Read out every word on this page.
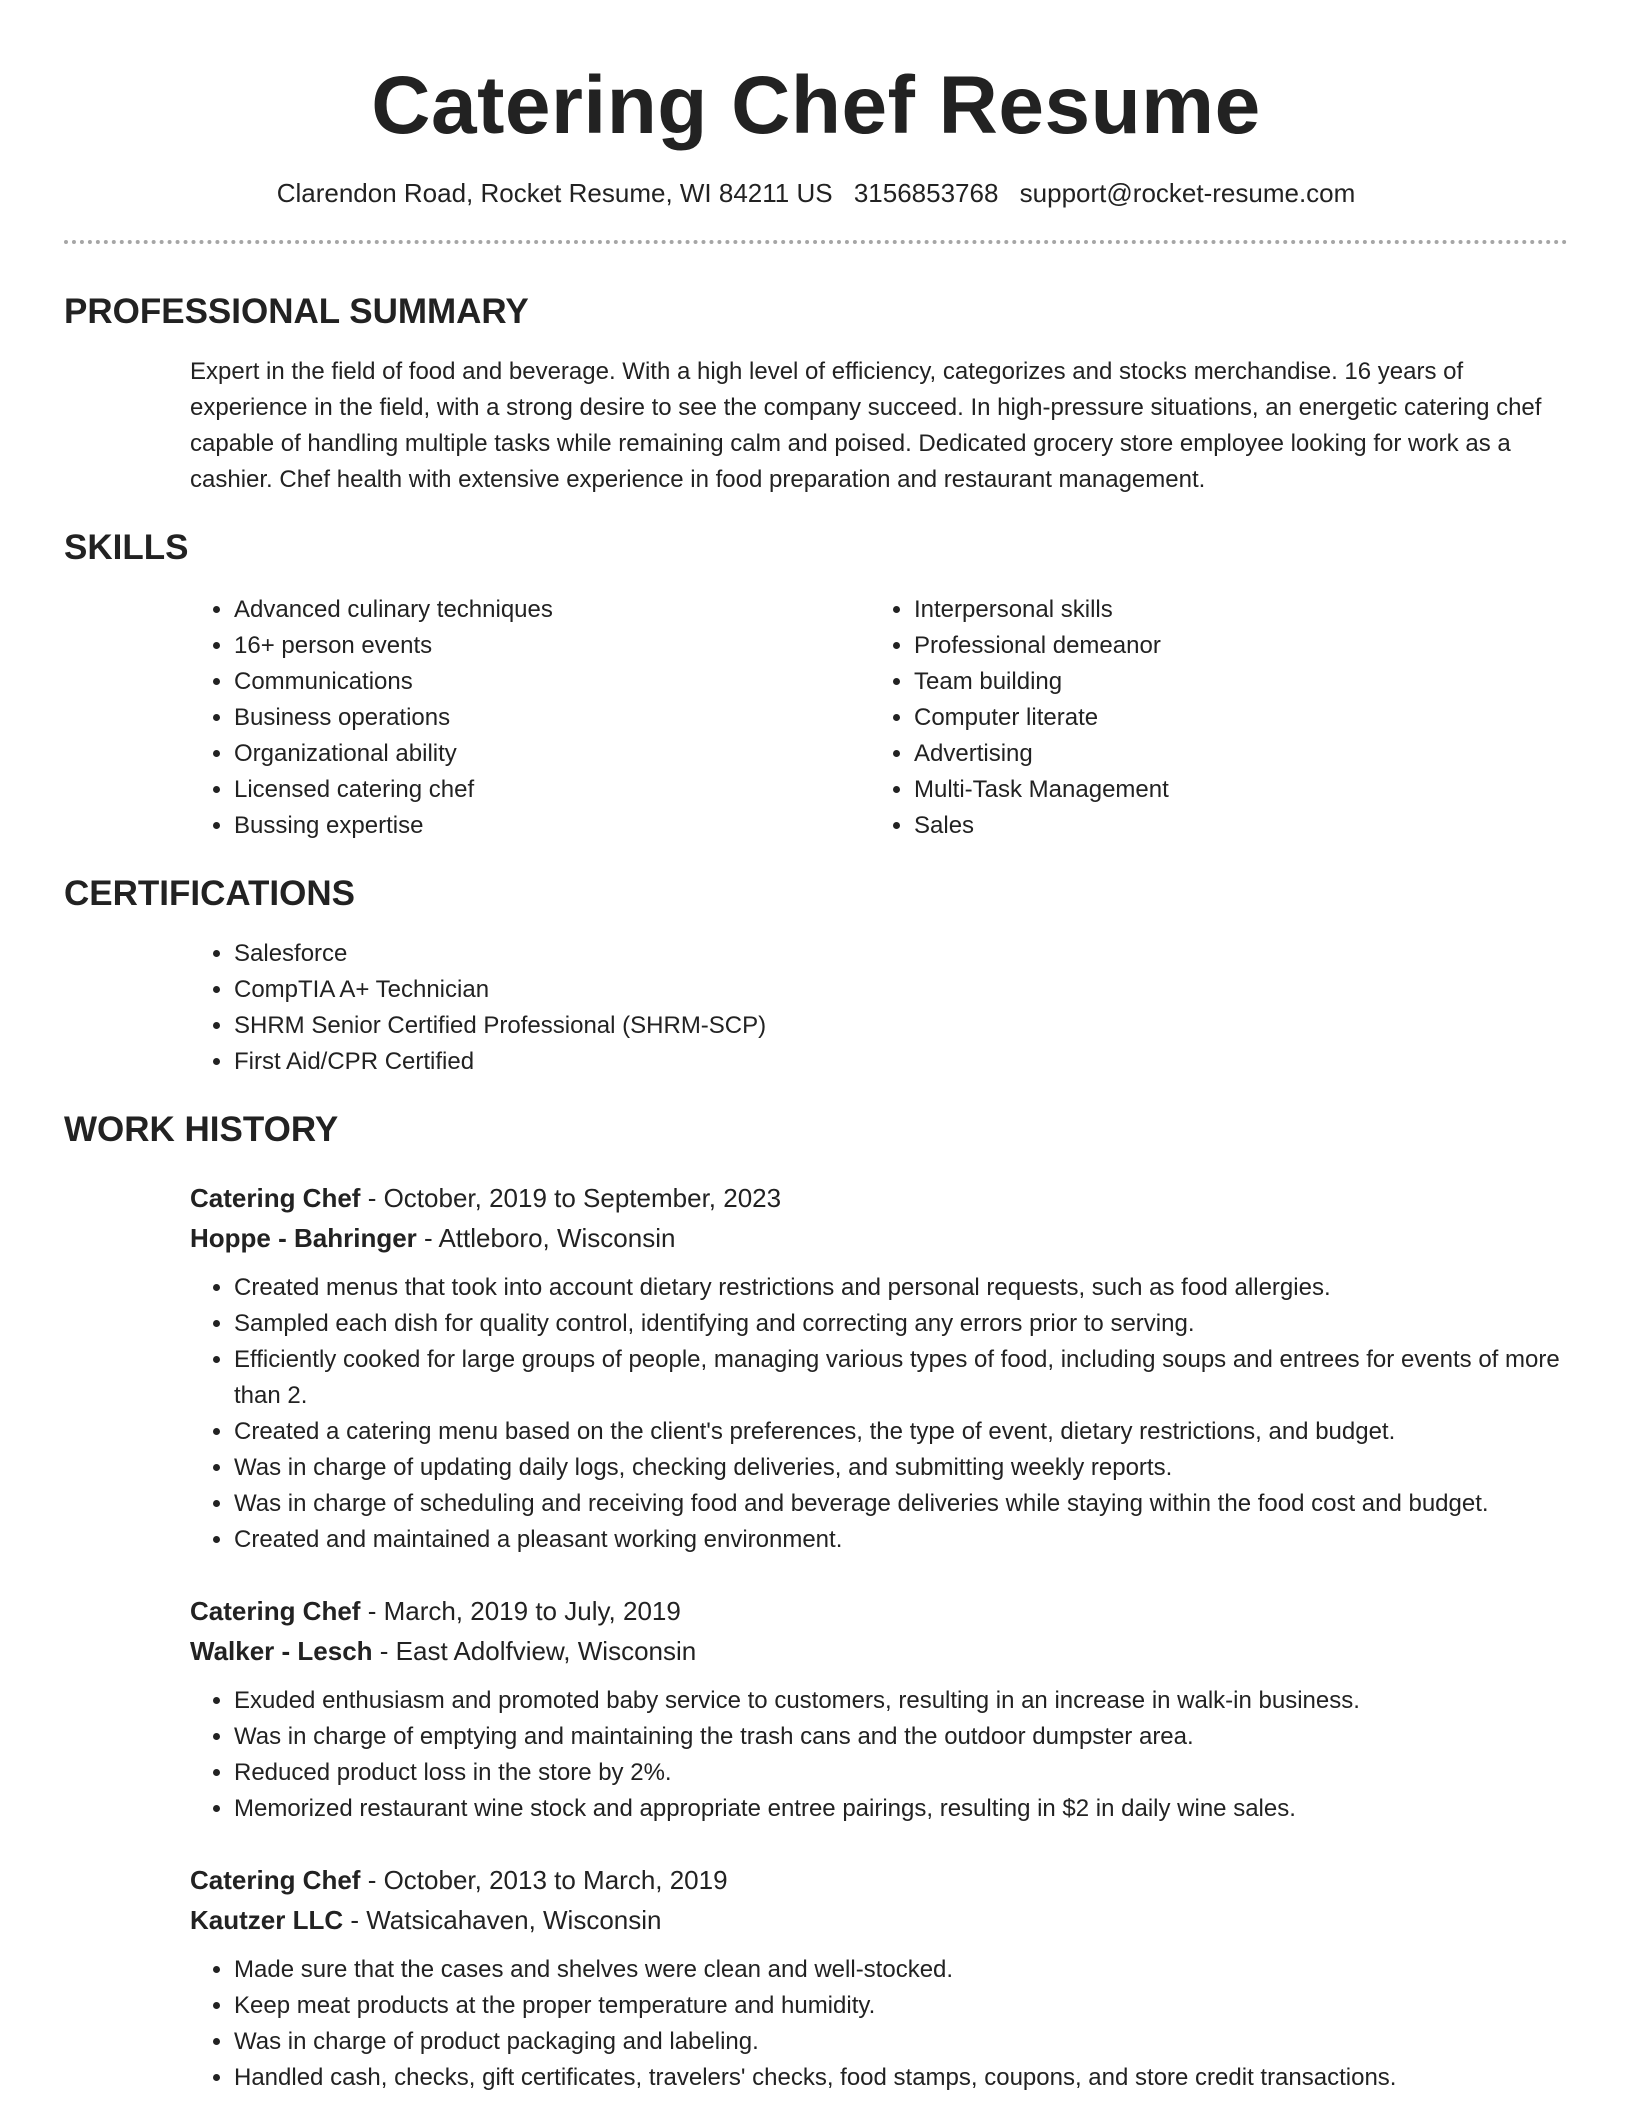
Catering Chef Resume
Clarendon Road, Rocket Resume, WI 84211 US 3156853768 support@rocket-resume.com
PROFESSIONAL SUMMARY

Expert in the field of food and beverage. With a high level of efficiency, categorizes and stocks merchandise. 16 years of experience in the field, with a strong desire to see the company succeed. In high-pressure situations, an energetic catering chef capable of handling multiple tasks while remaining calm and poised. Dedicated grocery store employee looking for work as a cashier. Chef health with extensive experience in food preparation and restaurant management.

SKILLS
• Advanced culinary techniques
• 16+ person events
• Communications
• Business operations
• Organizational ability
• Licensed catering chef
• Bussing expertise
• Interpersonal skills
• Professional demeanor
• Team building
• Computer literate
• Advertising
• Multi-Task Management
• Sales
CERTIFICATIONS
• Salesforce
• CompTIA A+ Technician
• SHRM Senior Certified Professional (SHRM-SCP)
• First Aid/CPR Certified
WORK HISTORY
Catering Chef - October, 2019 to September, 2023
Hoppe - Bahringer - Attleboro, Wisconsin
• Created menus that took into account dietary restrictions and personal requests, such as food allergies.
• Sampled each dish for quality control, identifying and correcting any errors prior to serving.
• Efficiently cooked for large groups of people, managing various types of food, including soups and entrees for events of more than 2.
• Created a catering menu based on the client's preferences, the type of event, dietary restrictions, and budget.
• Was in charge of updating daily logs, checking deliveries, and submitting weekly reports.
• Was in charge of scheduling and receiving food and beverage deliveries while staying within the food cost and budget.
• Created and maintained a pleasant working environment.
Catering Chef - March, 2019 to July, 2019
Walker - Lesch - East Adolfview, Wisconsin
• Exuded enthusiasm and promoted baby service to customers, resulting in an increase in walk-in business.
• Was in charge of emptying and maintaining the trash cans and the outdoor dumpster area.
• Reduced product loss in the store by 2%.
• Memorized restaurant wine stock and appropriate entree pairings, resulting in $2 in daily wine sales.
Catering Chef - October, 2013 to March, 2019
Kautzer LLC - Watsicahaven, Wisconsin
• Made sure that the cases and shelves were clean and well-stocked.
• Keep meat products at the proper temperature and humidity.
• Was in charge of product packaging and labeling.
• Handled cash, checks, gift certificates, travelers' checks, food stamps, coupons, and store credit transactions.
